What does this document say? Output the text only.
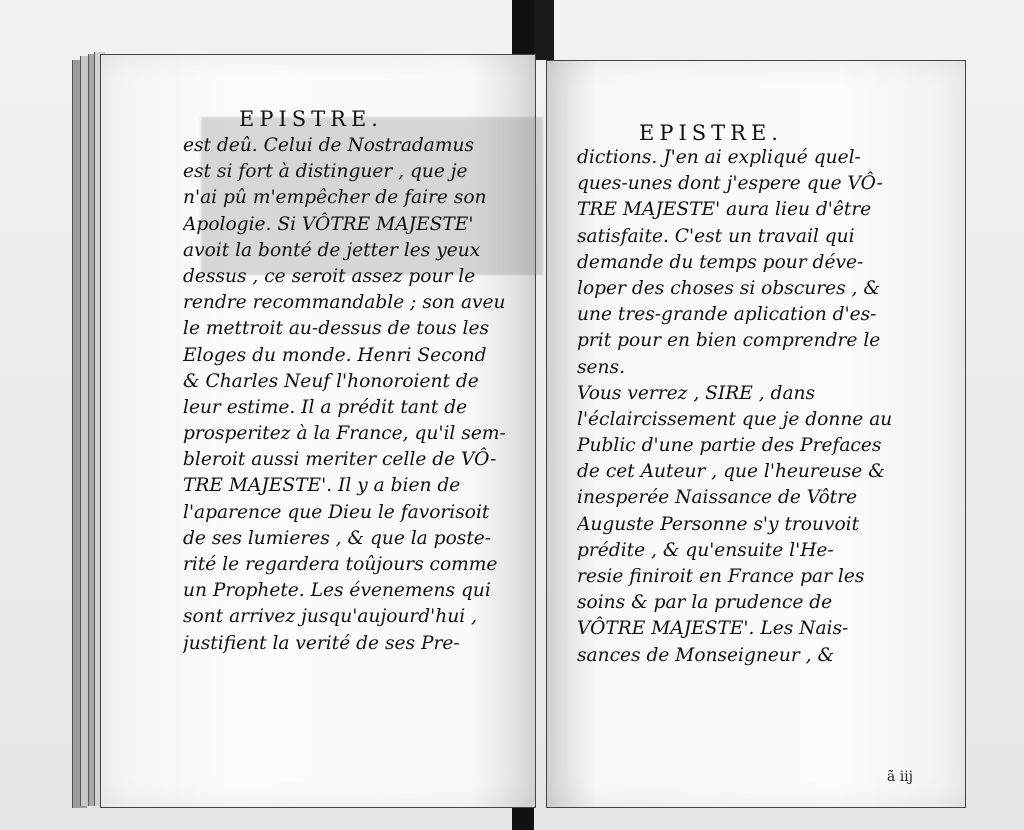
EPISTRE.
est deû. Celui de Nostradamus
est si fort à distinguer , que je
n'ai pû m'empêcher de faire son
Apologie. Si VÔTRE MAJESTE'
avoit la bonté de jetter les yeux
dessus , ce seroit assez pour le
rendre recommandable ; son aveu
le mettroit au-dessus de tous les
Eloges du monde. Henri Second
& Charles Neuf l'honoroient de
leur estime. Il a prédit tant de
prosperitez à la France, qu'il sem-
bleroit aussi meriter celle de VÔ-
TRE MAJESTE'. Il y a bien de
l'aparence que Dieu le favorisoit
de ses lumieres , & que la poste-
rité le regardera toûjours comme
un Prophete. Les évenemens qui
sont arrivez jusqu'aujourd'hui ,
justifient la verité de ses Pre-
EPISTRE.
dictions. J'en ai expliqué quel-
ques-unes dont j'espere que VÔ-
TRE MAJESTE' aura lieu d'être
satisfaite. C'est un travail qui
demande du temps pour déve-
loper des choses si obscures , &
une tres-grande aplication d'es-
prit pour en bien comprendre le
sens.
Vous verrez , SIRE , dans
l'éclaircissement que je donne au
Public d'une partie des Prefaces
de cet Auteur , que l'heureuse &
inesperée Naissance de Vôtre
Auguste Personne s'y trouvoit
prédite , & qu'ensuite l'He-
resie finiroit en France par les
soins & par la prudence de
VÔTRE MAJESTE'. Les Nais-
sances de Monseigneur , &
ã iij
